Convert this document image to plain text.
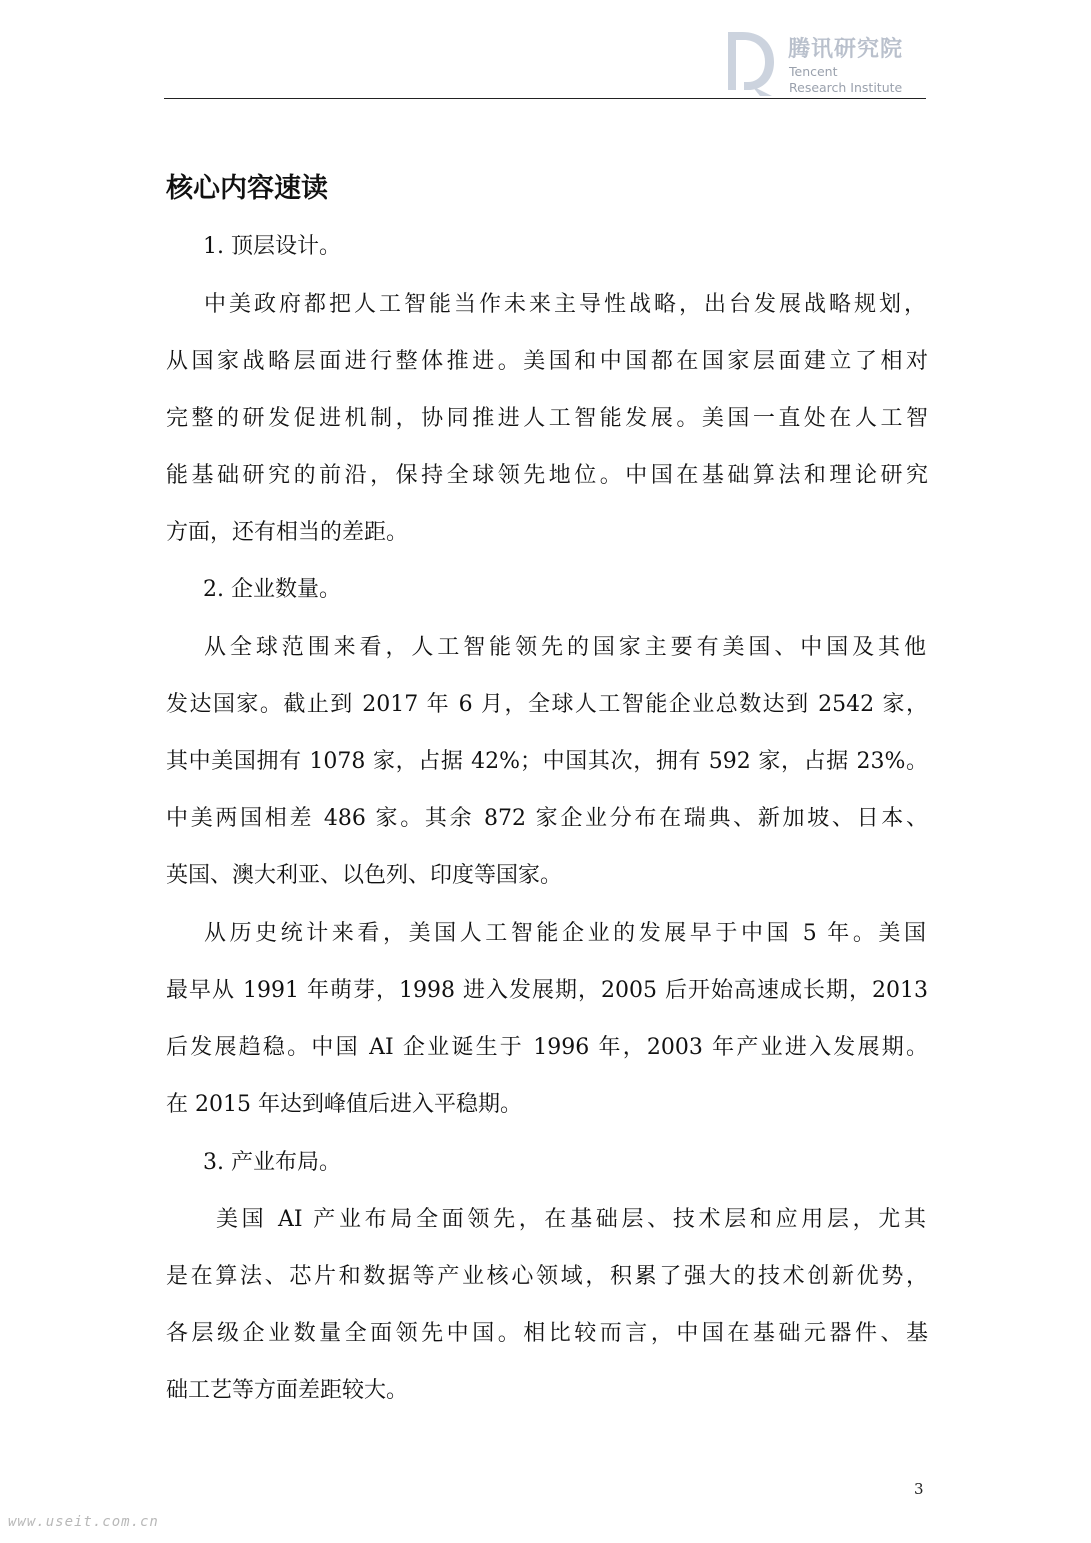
腾讯研究院
Tencent
Research Institute
核心内容速读

1. 顶层设计。

中美政府都把人工智能当作未来主导性战略，出台发展战略规划，

从国家战略层面进行整体推进。美国和中国都在国家层面建立了相对

完整的研发促进机制，协同推进人工智能发展。美国一直处在人工智

能基础研究的前沿，保持全球领先地位。中国在基础算法和理论研究

方面，还有相当的差距。

2. 企业数量。

从全球范围来看，人工智能领先的国家主要有美国、中国及其他

发达国家。截止到 2017 年 6 月，全球人工智能企业总数达到 2542 家，

其中美国拥有 1078 家，占据 42%；中国其次，拥有 592 家，占据 23%。

中美两国相差 486 家。其余 872 家企业分布在瑞典、新加坡、日本、

英国、澳大利亚、以色列、印度等国家。

从历史统计来看，美国人工智能企业的发展早于中国 5 年。美国

最早从 1991 年萌芽，1998 进入发展期，2005 后开始高速成长期，2013

后发展趋稳。中国 AI 企业诞生于 1996 年，2003 年产业进入发展期。

在 2015 年达到峰值后进入平稳期。

3. 产业布局。

美国 AI 产业布局全面领先，在基础层、技术层和应用层，尤其

是在算法、芯片和数据等产业核心领域，积累了强大的技术创新优势，

各层级企业数量全面领先中国。相比较而言，中国在基础元器件、基

础工艺等方面差距较大。

3
www.useit.com.cn
